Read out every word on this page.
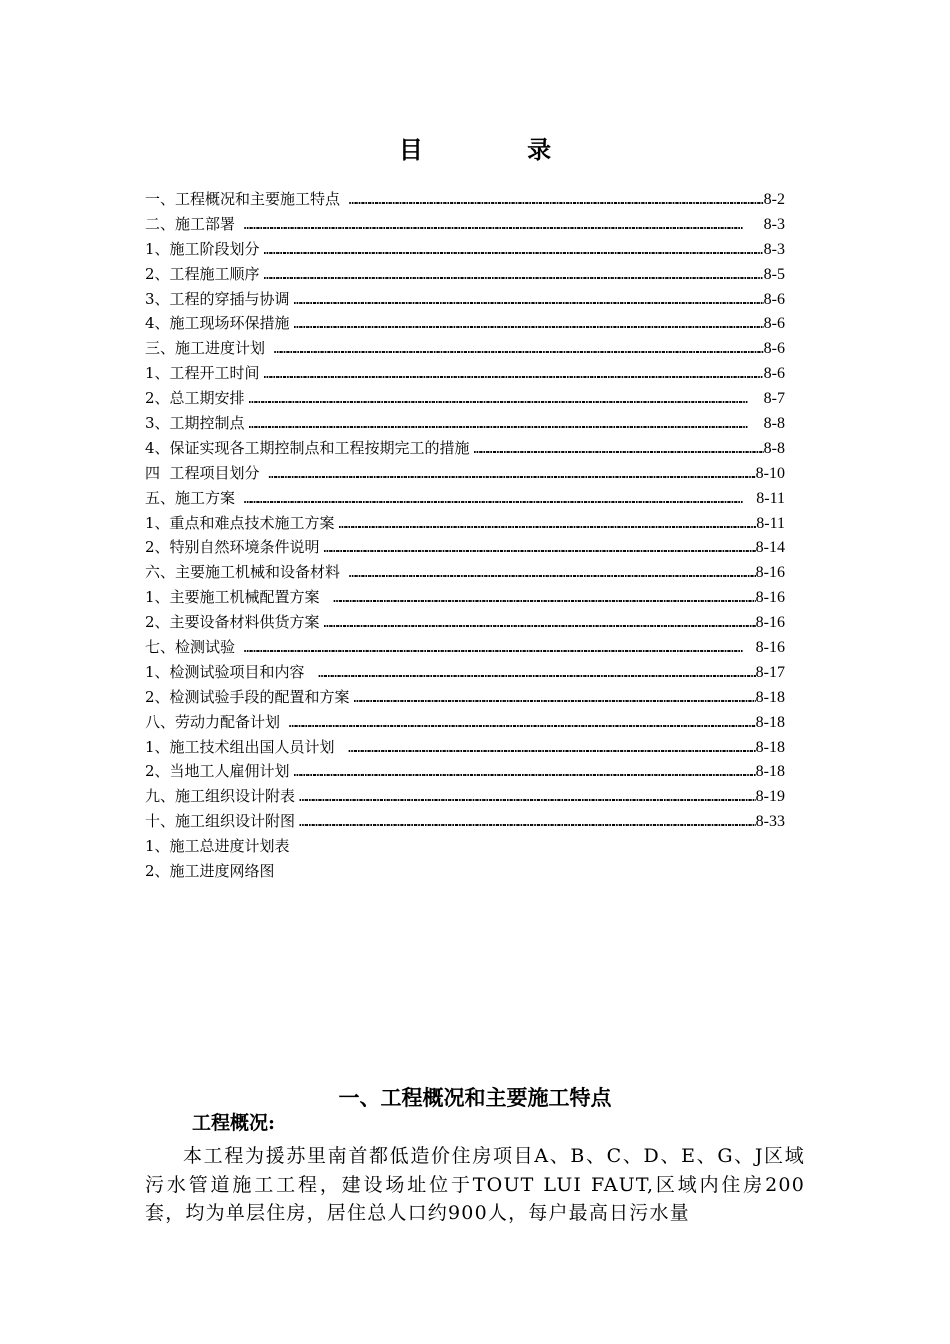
目 录
一、工程概况和主要施工特点 …………………………………………………………………………………………………………………………………………………………………………………………………	8-2
二、施工部署 …………………………………………………………………………………………………………………………………………………………………………………………………	8-3
1、施工阶段划分 …………………………………………………………………………………………………………………………………………………………………………………………………	8-3
2、工程施工顺序 …………………………………………………………………………………………………………………………………………………………………………………………………	8-5
3、工程的穿插与协调 …………………………………………………………………………………………………………………………………………………………………………………………………	8-6
4、施工现场环保措施 …………………………………………………………………………………………………………………………………………………………………………………………………	8-6
三、施工进度计划 …………………………………………………………………………………………………………………………………………………………………………………………………	8-6
1、工程开工时间 …………………………………………………………………………………………………………………………………………………………………………………………………	8-6
2、总工期安排 …………………………………………………………………………………………………………………………………………………………………………………………………	8-7
3、工期控制点 …………………………………………………………………………………………………………………………………………………………………………………………………	8-8
4、保证实现各工期控制点和工程按期完工的措施 …………………………………………………………………………………………………………………………………………………………………………………………………	8-8
四  工程项目划分 …………………………………………………………………………………………………………………………………………………………………………………………………	8-10
五、施工方案 …………………………………………………………………………………………………………………………………………………………………………………………………	8-11
1、重点和难点技术施工方案 …………………………………………………………………………………………………………………………………………………………………………………………………	8-11
2、特别自然环境条件说明 …………………………………………………………………………………………………………………………………………………………………………………………………	8-14
六、主要施工机械和设备材料 …………………………………………………………………………………………………………………………………………………………………………………………………	8-16
1、主要施工机械配置方案 …………………………………………………………………………………………………………………………………………………………………………………………………	8-16
2、主要设备材料供货方案 …………………………………………………………………………………………………………………………………………………………………………………………………	8-16
七、检测试验 …………………………………………………………………………………………………………………………………………………………………………………………………	8-16
1、检测试验项目和内容 …………………………………………………………………………………………………………………………………………………………………………………………………	8-17
2、检测试验手段的配置和方案 …………………………………………………………………………………………………………………………………………………………………………………………………	8-18
八、劳动力配备计划 …………………………………………………………………………………………………………………………………………………………………………………………………	8-18
1、施工技术组出国人员计划 …………………………………………………………………………………………………………………………………………………………………………………………………	8-18
2、当地工人雇佣计划 …………………………………………………………………………………………………………………………………………………………………………………………………	8-18
九、施工组织设计附表 …………………………………………………………………………………………………………………………………………………………………………………………………	8-19
十、施工组织设计附图 …………………………………………………………………………………………………………………………………………………………………………………………………	8-33
1、施工总进度计划表
2、施工进度网络图
一、工程概况和主要施工特点
工程概况:
本工程为援苏里南首都低造价住房项目A、B、C、D、E、G、J区域污水管道施工工程，建设场址位于TOUT LUI FAUT,区域内住房200套，均为单层住房，居住总人口约900人，每户最高日污水量
